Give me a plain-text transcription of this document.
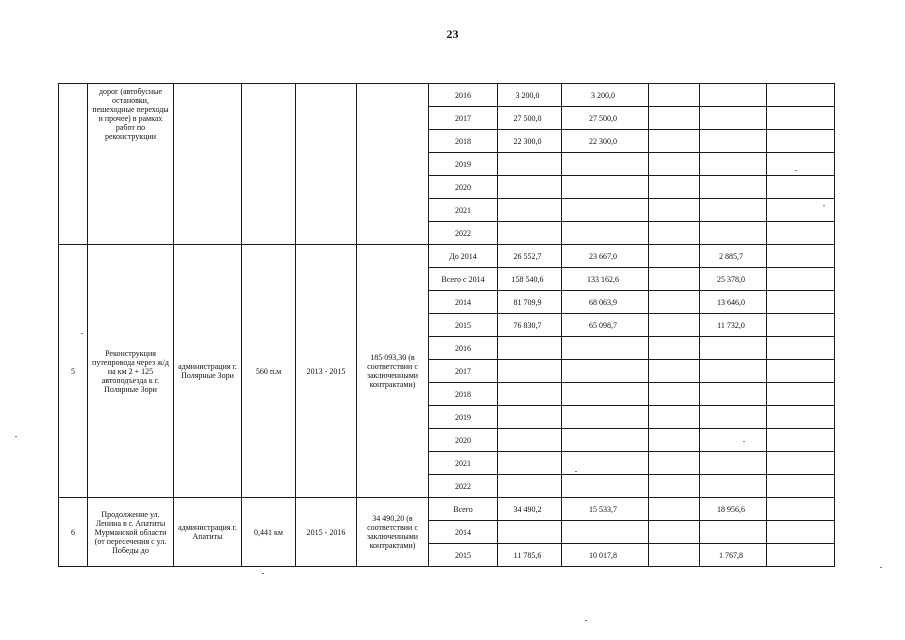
23
	дорог (автобусные остановки, пешеходные переходы и прочее) в рамках работ по реконструкции					2016	3 200,0	3 200,0			
						2017	27 500,0	27 500,0			
						2018	22 300,0	22 300,0			
						2019					
						2020					
						2021					
						2022					
5	Реконструкция путепровода через ж/д на км 2 + 125 автоподъезда к г. Полярные Зори	администрация г. Полярные Зори	560 п.м	2013 - 2015	185 093,30 (в соответствии с заключенными контрактами)	До 2014	26 552,7	23 667,0		2 885,7	
						Всего с 2014	158 540,6	133 162,6		25 378,0	
						2014	81 709,9	68 063,9		13 646,0	
						2015	76 830,7	65 098,7		11 732,0	
						2016					
						2017					
						2018					
						2019					
						2020					
						2021					
						2022					
6	Продолжение ул. Ленина в г. Апатиты Мурманской области (от пересечения с ул. Победы до	администрация г. Апатиты	0,441 км	2015 - 2016	34 490,20 (в соответствии с заключенными контрактами)	Всего	34 490,2	15 533,7		18 956,6	
						2014					
						2015	11 785,6	10 017,8		1 767,8	
